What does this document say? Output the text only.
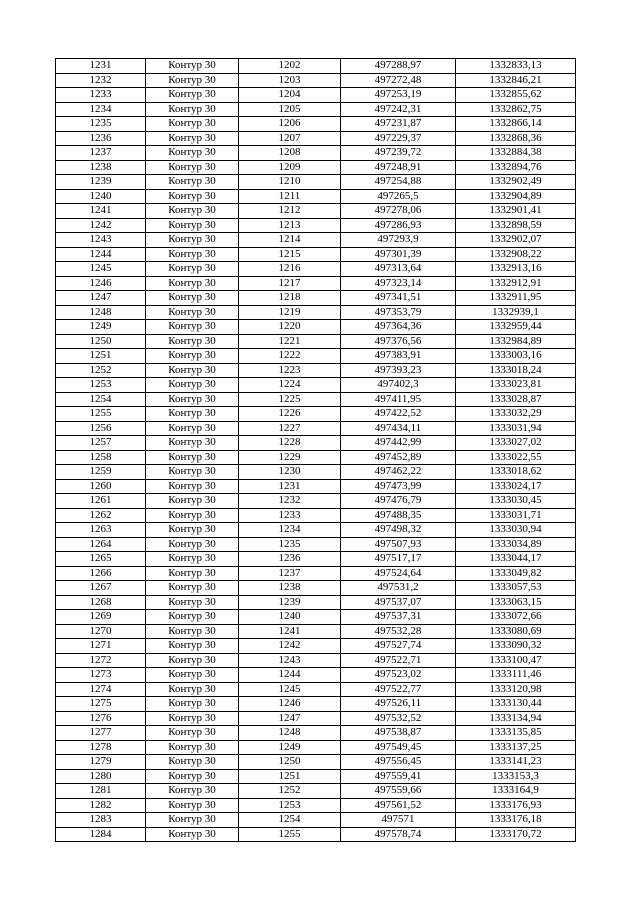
1231	Контур 30	1202	497288,97	1332833,13
1232	Контур 30	1203	497272,48	1332846,21
1233	Контур 30	1204	497253,19	1332855,62
1234	Контур 30	1205	497242,31	1332862,75
1235	Контур 30	1206	497231,87	1332866,14
1236	Контур 30	1207	497229,37	1332868,36
1237	Контур 30	1208	497239,72	1332884,38
1238	Контур 30	1209	497248,91	1332894,76
1239	Контур 30	1210	497254,88	1332902,49
1240	Контур 30	1211	497265,5	1332904,89
1241	Контур 30	1212	497278,06	1332901,41
1242	Контур 30	1213	497286,93	1332898,59
1243	Контур 30	1214	497293,9	1332902,07
1244	Контур 30	1215	497301,39	1332908,22
1245	Контур 30	1216	497313,64	1332913,16
1246	Контур 30	1217	497323,14	1332912,91
1247	Контур 30	1218	497341,51	1332911,95
1248	Контур 30	1219	497353,79	1332939,1
1249	Контур 30	1220	497364,36	1332959,44
1250	Контур 30	1221	497376,56	1332984,89
1251	Контур 30	1222	497383,91	1333003,16
1252	Контур 30	1223	497393,23	1333018,24
1253	Контур 30	1224	497402,3	1333023,81
1254	Контур 30	1225	497411,95	1333028,87
1255	Контур 30	1226	497422,52	1333032,29
1256	Контур 30	1227	497434,11	1333031,94
1257	Контур 30	1228	497442,99	1333027,02
1258	Контур 30	1229	497452,89	1333022,55
1259	Контур 30	1230	497462,22	1333018,62
1260	Контур 30	1231	497473,99	1333024,17
1261	Контур 30	1232	497476,79	1333030,45
1262	Контур 30	1233	497488,35	1333031,71
1263	Контур 30	1234	497498,32	1333030,94
1264	Контур 30	1235	497507,93	1333034,89
1265	Контур 30	1236	497517,17	1333044,17
1266	Контур 30	1237	497524,64	1333049,82
1267	Контур 30	1238	497531,2	1333057,53
1268	Контур 30	1239	497537,07	1333063,15
1269	Контур 30	1240	497537,31	1333072,66
1270	Контур 30	1241	497532,28	1333080,69
1271	Контур 30	1242	497527,74	1333090,32
1272	Контур 30	1243	497522,71	1333100,47
1273	Контур 30	1244	497523,02	1333111,46
1274	Контур 30	1245	497522,77	1333120,98
1275	Контур 30	1246	497526,11	1333130,44
1276	Контур 30	1247	497532,52	1333134,94
1277	Контур 30	1248	497538,87	1333135,85
1278	Контур 30	1249	497549,45	1333137,25
1279	Контур 30	1250	497556,45	1333141,23
1280	Контур 30	1251	497559,41	1333153,3
1281	Контур 30	1252	497559,66	1333164,9
1282	Контур 30	1253	497561,52	1333176,93
1283	Контур 30	1254	497571	1333176,18
1284	Контур 30	1255	497578,74	1333170,72
